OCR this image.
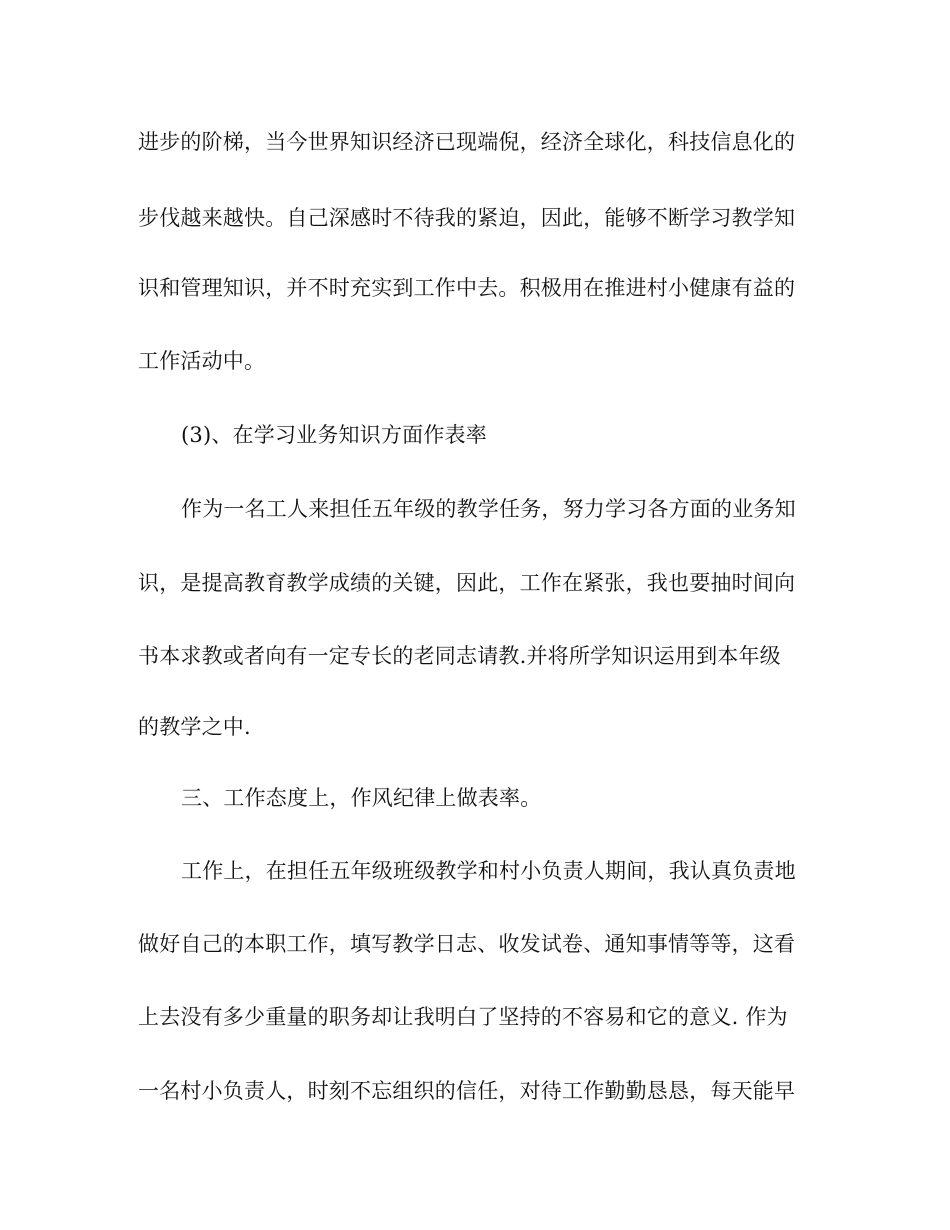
进步的阶梯，当今世界知识经济已现端倪，经济全球化，科技信息化的
步伐越来越快。自己深感时不待我的紧迫，因此，能够不断学习教学知
识和管理知识，并不时充实到工作中去。积极用在推进村小健康有益的
工作活动中。
(3)、在学习业务知识方面作表率
作为一名工人来担任五年级的教学任务，努力学习各方面的业务知
识，是提高教育教学成绩的关键，因此，工作在紧张，我也要抽时间向
书本求教或者向有一定专长的老同志请教.并将所学知识运用到本年级
的教学之中.
三、工作态度上，作风纪律上做表率。
工作上，在担任五年级班级教学和村小负责人期间，我认真负责地
做好自己的本职工作，填写教学日志、收发试卷、通知事情等等，这看
上去没有多少重量的职务却让我明白了坚持的不容易和它的意义. 作为
一名村小负责人，时刻不忘组织的信任，对待工作勤勤恳恳，每天能早
